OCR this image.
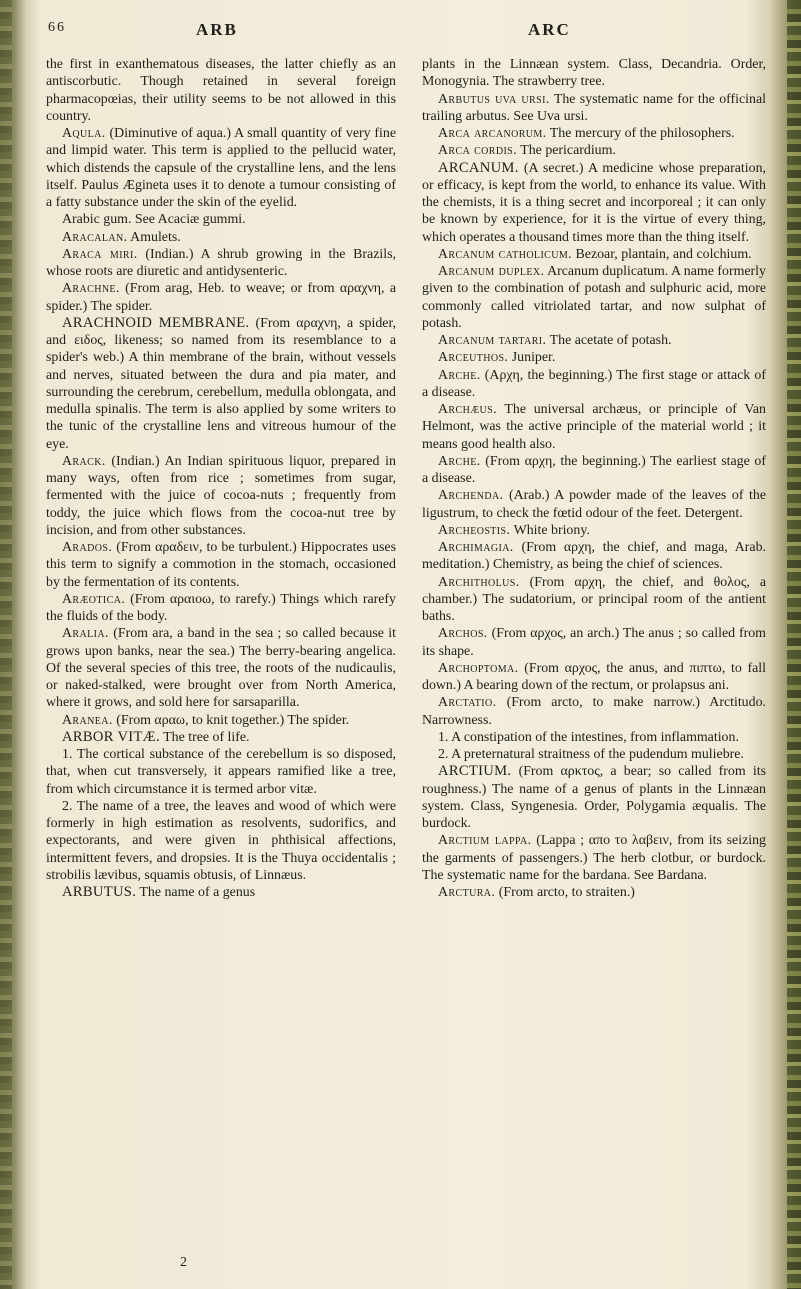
66	ARB	ARC

the first in exanthematous diseases, the latter chiefly as an antiscorbutic. Though retained in several foreign pharmacopœias, their utility seems to be not allowed in this country.

Aqula. (Diminutive of aqua.) A small quantity of very fine and limpid water. This term is applied to the pellucid water, which distends the capsule of the crystalline lens, and the lens itself. Paulus Ægineta uses it to denote a tumour consisting of a fatty substance under the skin of the eyelid.

Arabic gum. See Acaciæ gummi.

Aracalan. Amulets.

Araca miri. (Indian.) A shrub growing in the Brazils, whose roots are diuretic and antidysenteric.

Arachne. (From arag, Heb. to weave; or from αραχνη, a spider.) The spider.

ARACHNOID MEMBRANE. (From αραχνη, a spider, and ειδος, likeness; so named from its resemblance to a spider's web.) A thin membrane of the brain, without vessels and nerves, situated between the dura and pia mater, and surrounding the cerebrum, cerebellum, medulla oblongata, and medulla spinalis. The term is also applied by some writers to the tunic of the crystalline lens and vitreous humour of the eye.

Arack. (Indian.) An Indian spirituous liquor, prepared in many ways, often from rice ; sometimes from sugar, fermented with the juice of cocoa-nuts ; frequently from toddy, the juice which flows from the cocoa-nut tree by incision, and from other substances.

Arados. (From αραδειν, to be turbulent.) Hippocrates uses this term to signify a commotion in the stomach, occasioned by the fermentation of its contents.

Aræotica. (From αραιοω, to rarefy.) Things which rarefy the fluids of the body.

Aralia. (From ara, a band in the sea ; so called because it grows upon banks, near the sea.) The berry-bearing angelica. Of the several species of this tree, the roots of the nudicaulis, or naked-stalked, were brought over from North America, where it grows, and sold here for sarsaparilla.

Aranea. (From αραω, to knit together.) The spider.

ARBOR VITÆ. The tree of life.

1. The cortical substance of the cerebellum is so disposed, that, when cut transversely, it appears ramified like a tree, from which circumstance it is termed arbor vitæ.

2. The name of a tree, the leaves and wood of which were formerly in high estimation as resolvents, sudorifics, and expectorants, and were given in phthisical affections, intermittent fevers, and dropsies. It is the Thuya occidentalis ; strobilis lævibus, squamis obtusis, of Linnæus.

ARBUTUS. The name of a genus

plants in the Linnæan system. Class, Decandria. Order, Monogynia. The strawberry tree.

Arbutus uva ursi. The systematic name for the officinal trailing arbutus. See Uva ursi.

Arca arcanorum. The mercury of the philosophers.

Arca cordis. The pericardium.

ARCANUM. (A secret.) A medicine whose preparation, or efficacy, is kept from the world, to enhance its value. With the chemists, it is a thing secret and incorporeal ; it can only be known by experience, for it is the virtue of every thing, which operates a thousand times more than the thing itself.

Arcanum catholicum. Bezoar, plantain, and colchium.

Arcanum duplex. Arcanum duplicatum. A name formerly given to the combination of potash and sulphuric acid, more commonly called vitriolated tartar, and now sulphat of potash.

Arcanum tartari. The acetate of potash.

Arceuthos. Juniper.

Arche. (Αρχη, the beginning.) The first stage or attack of a disease.

Archæus. The universal archæus, or principle of Van Helmont, was the active principle of the material world ; it means good health also.

Arche. (From αρχη, the beginning.) The earliest stage of a disease.

Archenda. (Arab.) A powder made of the leaves of the ligustrum, to check the fœtid odour of the feet. Detergent.

Archeostis. White briony.

Archimagia. (From αρχη, the chief, and maga, Arab. meditation.) Chemistry, as being the chief of sciences.

Architholus. (From αρχη, the chief, and θολος, a chamber.) The sudatorium, or principal room of the antient baths.

Archos. (From αρχος, an arch.) The anus ; so called from its shape.

Archoptoma. (From αρχος, the anus, and πιπτω, to fall down.) A bearing down of the rectum, or prolapsus ani.

Arctatio. (From arcto, to make narrow.) Arctitudo. Narrowness.

1. A constipation of the intestines, from inflammation.

2. A preternatural straitness of the pudendum muliebre.

ARCTIUM. (From αρκτος, a bear; so called from its roughness.) The name of a genus of plants in the Linnæan system. Class, Syngenesia. Order, Polygamia æqualis. The burdock.

Arctium lappa. (Lappa ; απο το λαβειν, from its seizing the garments of passengers.) The herb clotbur, or burdock. The systematic name for the bardana. See Bardana.

Arctura. (From arcto, to straiten.)

2
